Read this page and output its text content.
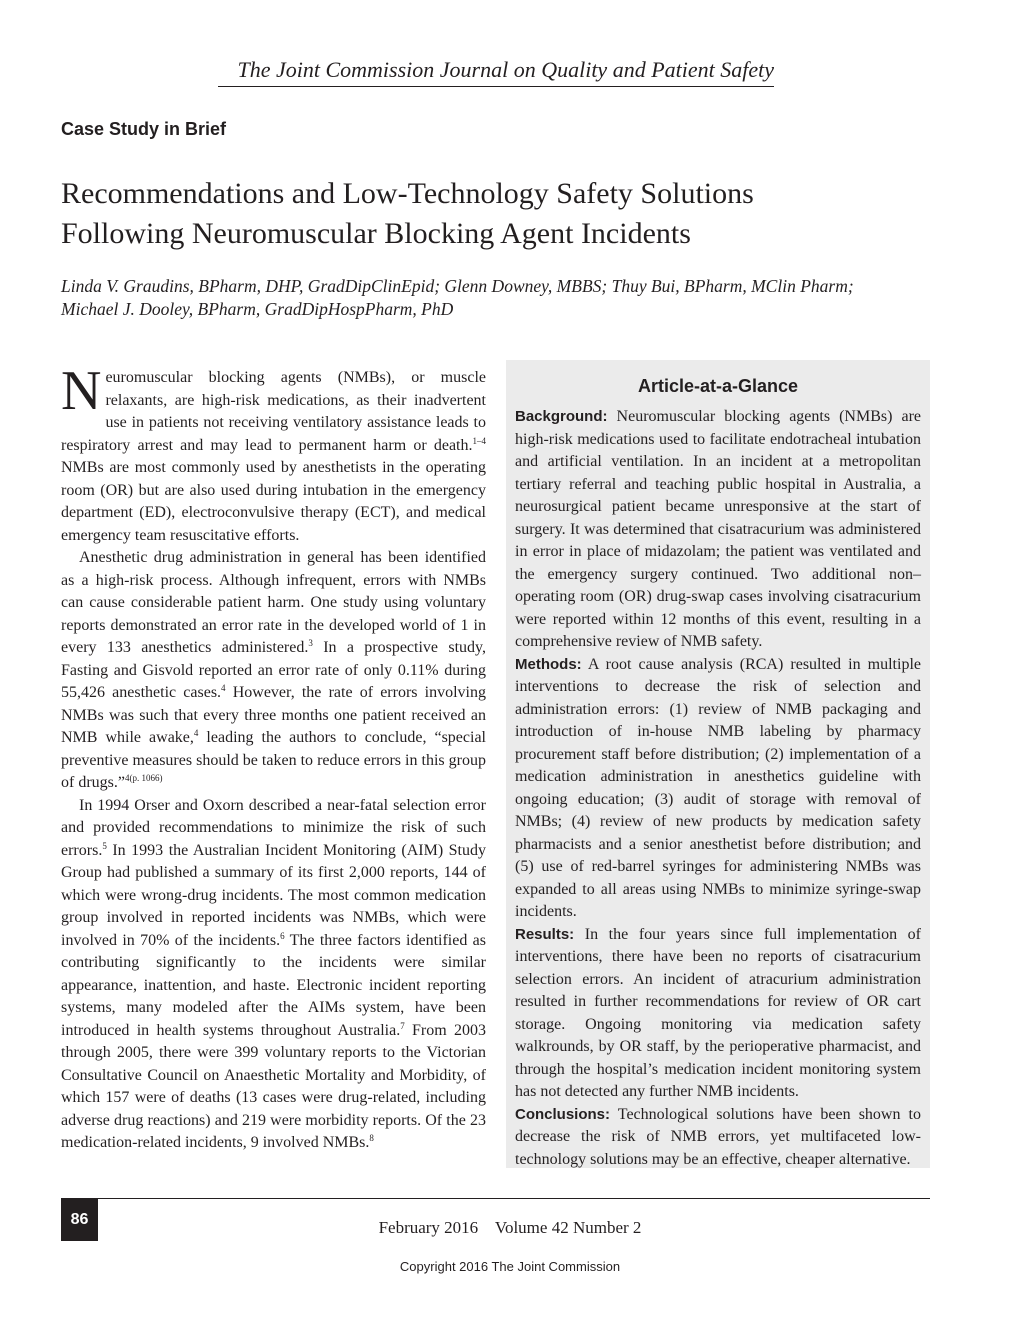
The Joint Commission Journal on Quality and Patient Safety
Case Study in Brief
Recommendations and Low-Technology Safety Solutions
Following Neuromuscular Blocking Agent Incidents
Linda V. Graudins, BPharm, DHP, GradDipClinEpid; Glenn Downey, MBBS; Thuy Bui, BPharm, MClin Pharm;
Michael J. Dooley, BPharm, GradDipHospPharm, PhD

Neuromuscular blocking agents (NMBs), or muscle relaxants, are high-risk medications, as their inadvertent use in patients not receiving ventilatory assistance leads to respiratory arrest and may lead to permanent harm or death.$^{1-4}$ NMBs are most commonly used by anesthetists in the operating room (OR) but are also used during intubation in the emergency department (ED), electroconvulsive therapy (ECT), and medical emergency team resuscitative efforts.

Anesthetic drug administration in general has been identified as a high-risk process. Although infrequent, errors with NMBs can cause considerable patient harm. One study using voluntary reports demonstrated an error rate in the developed world of 1 in every 133 anesthetics administered.$^3$ In a prospective study, Fasting and Gisvold reported an error rate of only 0.11% during 55,426 anesthetic cases.$^4$ However, the rate of errors involving NMBs was such that every three months one patient received an NMB while awake,$^4$ leading the authors to conclude, “special preventive measures should be taken to reduce errors in this group of drugs.”$^{4(p. 1066)}$

In 1994 Orser and Oxorn described a near-fatal selection error and provided recommendations to minimize the risk of such errors.$^5$ In 1993 the Australian Incident Monitoring (AIM) Study Group had published a summary of its first 2,000 reports, 144 of which were wrong-drug incidents. The most common medication group involved in reported incidents was NMBs, which were involved in 70% of the incidents.$^6$ The three factors identified as contributing significantly to the incidents were similar appearance, inattention, and haste. Electronic incident reporting systems, many modeled after the AIMs system, have been introduced in health systems throughout Australia.$^7$ From 2003 through 2005, there were 399 voluntary reports to the Victorian Consultative Council on Anaesthetic Mortality and Morbidity, of which 157 were of deaths (13 cases were drug-related, including adverse drug reactions) and 219 were morbidity reports. Of the 23 medication-related incidents, 9 involved NMBs.$^8$

Article-at-a-Glance

Background: Neuromuscular blocking agents (NMBs) are high-risk medications used to facilitate endotracheal intubation and artificial ventilation. In an incident at a metropolitan tertiary referral and teaching public hospital in Australia, a neurosurgical patient became unresponsive at the start of surgery. It was determined that cisatracurium was administered in error in place of midazolam; the patient was ventilated and the emergency surgery continued. Two additional non–operating room (OR) drug-swap cases involving cisatracurium were reported within 12 months of this event, resulting in a comprehensive review of NMB safety.

Methods: A root cause analysis (RCA) resulted in multiple interventions to decrease the risk of selection and administration errors: (1) review of NMB packaging and introduction of in-house NMB labeling by pharmacy procurement staff before distribution; (2) implementation of a medication administration in anesthetics guideline with ongoing education; (3) audit of storage with removal of NMBs; (4) review of new products by medication safety pharmacists and a senior anesthetist before distribution; and (5) use of red-barrel syringes for administering NMBs was expanded to all areas using NMBs to minimize syringe-swap incidents.

Results: In the four years since full implementation of interventions, there have been no reports of cisatracurium selection errors. An incident of atracurium administration resulted in further recommendations for review of OR cart storage. Ongoing monitoring via medication safety walkrounds, by OR staff, by the perioperative pharmacist, and through the hospital’s medication incident monitoring system has not detected any further NMB incidents.

Conclusions: Technological solutions have been shown to decrease the risk of NMB errors, yet multifaceted low-technology solutions may be an effective, cheaper alternative.

86	February 2016    Volume 42 Number 2
Copyright 2016 The Joint Commission
